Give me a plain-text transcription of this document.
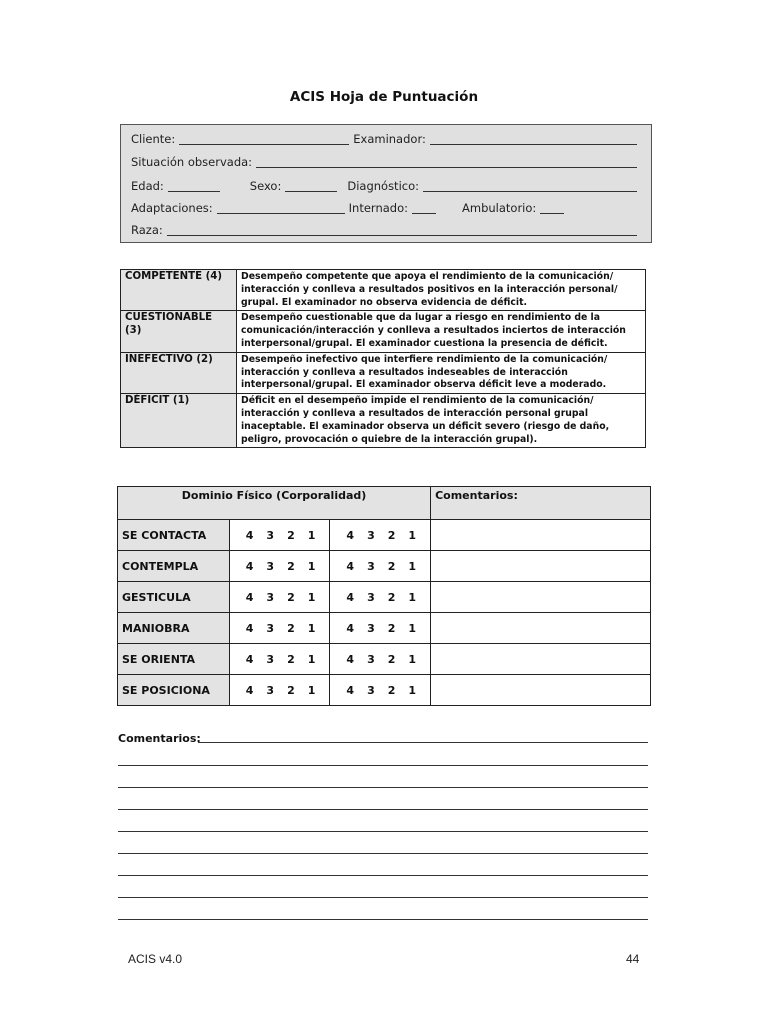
ACIS Hoja de Puntuación
Cliente:	Examinador:
Situación observada:
Edad:	Sexo:	Diagnóstico:
Adaptaciones:	Internado:	Ambulatorio:
Raza:
COMPETENTE (4)	Desempeño competente que apoya el rendimiento de la comunicación/ interacción y conlleva a resultados positivos en la interacción personal/ grupal. El examinador no observa evidencia de déficit.
CUESTIONABLE (3)	Desempeño cuestionable que da lugar a riesgo en rendimiento de la comunicación/interacción y conlleva a resultados inciertos de interacción interpersonal/grupal. El examinador cuestiona la presencia de déficit.
INEFECTIVO (2)	Desempeño inefectivo que interfiere rendimiento de la comunicación/ interacción y conlleva a resultados indeseables de interacción interpersonal/grupal. El examinador observa déficit leve a moderado.
DÉFICIT (1)	Déficit en el desempeño impide el rendimiento de la comunicación/ interacción y conlleva a resultados de interacción personal grupal inaceptable. El examinador observa un déficit severo (riesgo de daño, peligro, provocación o quiebre de la interacción grupal).
Dominio Físico (Corporalidad)			Comentarios:
SE CONTACTA	4 3 2 1	4 3 2 1	

CONTEMPLA	4 3 2 1	4 3 2 1	

GESTICULA	4 3 2 1	4 3 2 1	

MANIOBRA	4 3 2 1	4 3 2 1	

SE ORIENTA	4 3 2 1	4 3 2 1	

SE POSICIONA	4 3 2 1	4 3 2 1	

Comentarios:
ACIS v4.0	44
